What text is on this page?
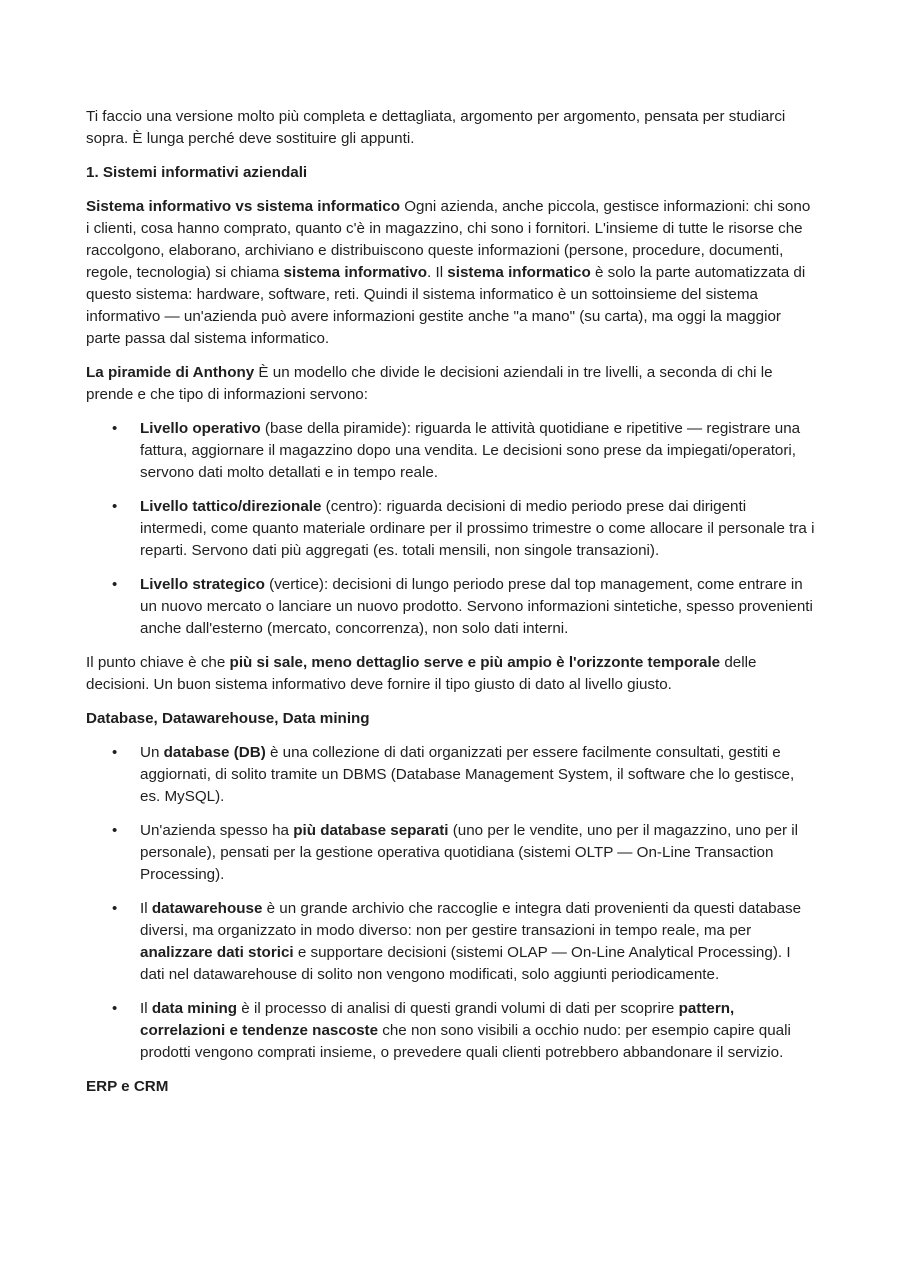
Ti faccio una versione molto più completa e dettagliata, argomento per argomento, pensata per studiarci sopra. È lunga perché deve sostituire gli appunti.

1. Sistemi informativi aziendali

Sistema informativo vs sistema informatico Ogni azienda, anche piccola, gestisce informazioni: chi sono i clienti, cosa hanno comprato, quanto c'è in magazzino, chi sono i fornitori. L'insieme di tutte le risorse che raccolgono, elaborano, archiviano e distribuiscono queste informazioni (persone, procedure, documenti, regole, tecnologia) si chiama sistema informativo. Il sistema informatico è solo la parte automatizzata di questo sistema: hardware, software, reti. Quindi il sistema informatico è un sottoinsieme del sistema informativo — un'azienda può avere informazioni gestite anche "a mano" (su carta), ma oggi la maggior parte passa dal sistema informatico.

La piramide di Anthony È un modello che divide le decisioni aziendali in tre livelli, a seconda di chi le prende e che tipo di informazioni servono:

• Livello operativo (base della piramide): riguarda le attività quotidiane e ripetitive — registrare una fattura, aggiornare il magazzino dopo una vendita. Le decisioni sono prese da impiegati/operatori, servono dati molto detallati e in tempo reale.
• Livello tattico/direzionale (centro): riguarda decisioni di medio periodo prese dai dirigenti intermedi, come quanto materiale ordinare per il prossimo trimestre o come allocare il personale tra i reparti. Servono dati più aggregati (es. totali mensili, non singole transazioni).
• Livello strategico (vertice): decisioni di lungo periodo prese dal top management, come entrare in un nuovo mercato o lanciare un nuovo prodotto. Servono informazioni sintetiche, spesso provenienti anche dall'esterno (mercato, concorrenza), non solo dati interni.

Il punto chiave è che più si sale, meno dettaglio serve e più ampio è l'orizzonte temporale delle decisioni. Un buon sistema informativo deve fornire il tipo giusto di dato al livello giusto.

Database, Datawarehouse, Data mining

• Un database (DB) è una collezione di dati organizzati per essere facilmente consultati, gestiti e aggiornati, di solito tramite un DBMS (Database Management System, il software che lo gestisce, es. MySQL).
• Un'azienda spesso ha più database separati (uno per le vendite, uno per il magazzino, uno per il personale), pensati per la gestione operativa quotidiana (sistemi OLTP — On-Line Transaction Processing).
• Il datawarehouse è un grande archivio che raccoglie e integra dati provenienti da questi database diversi, ma organizzato in modo diverso: non per gestire transazioni in tempo reale, ma per analizzare dati storici e supportare decisioni (sistemi OLAP — On-Line Analytical Processing). I dati nel datawarehouse di solito non vengono modificati, solo aggiunti periodicamente.
• Il data mining è il processo di analisi di questi grandi volumi di dati per scoprire pattern, correlazioni e tendenze nascoste che non sono visibili a occhio nudo: per esempio capire quali prodotti vengono comprati insieme, o prevedere quali clienti potrebbero abbandonare il servizio.

ERP e CRM
